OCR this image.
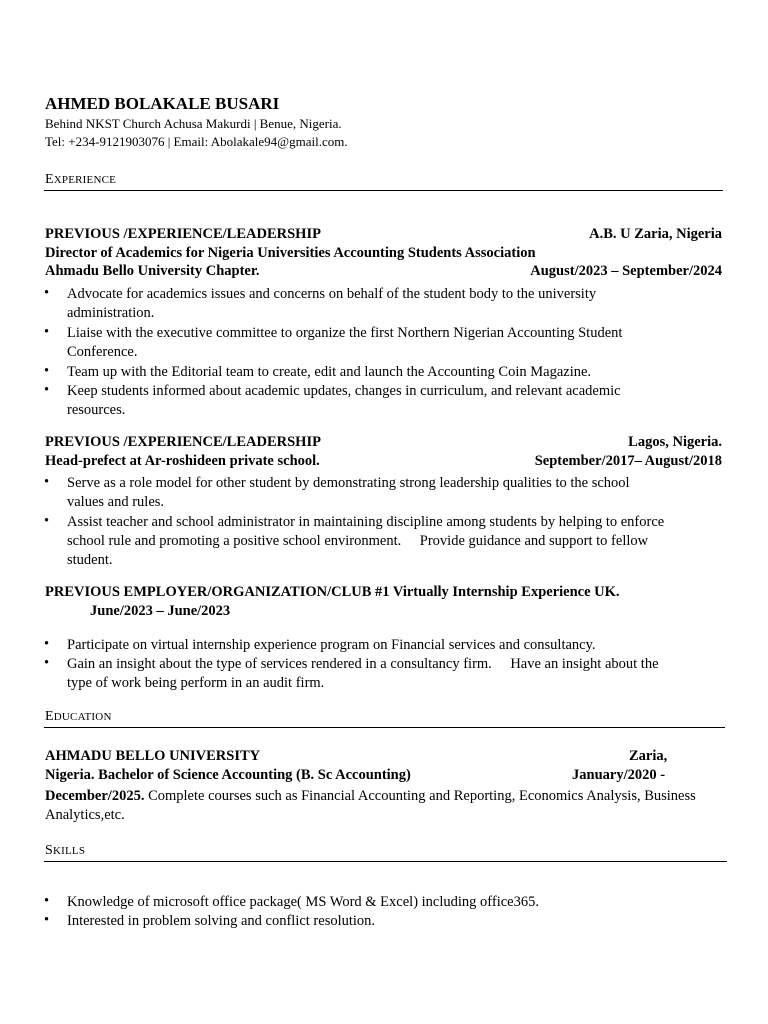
AHMED BOLAKALE BUSARI
Behind NKST Church Achusa Makurdi | Benue, Nigeria.
Tel: +234-9121903076 | Email: Abolakale94@gmail.com.
EXPERIENCE
PREVIOUS /EXPERIENCE/LEADERSHIP	A.B. U Zaria, Nigeria
Director of Academics for Nigeria Universities Accounting Students Association
Ahmadu Bello University Chapter.	August/2023 – September/2024
• Advocate for academics issues and concerns on behalf of the student body to the university administration.
• Liaise with the executive committee to organize the first Northern Nigerian Accounting Student Conference.
• Team up with the Editorial team to create, edit and launch the Accounting Coin Magazine.
• Keep students informed about academic updates, changes in curriculum, and relevant academic resources.
PREVIOUS /EXPERIENCE/LEADERSHIP	Lagos, Nigeria.
Head-prefect at Ar-roshideen private school.	September/2017– August/2018
• Serve as a role model for other student by demonstrating strong leadership qualities to the school values and rules.
• Assist teacher and school administrator in maintaining discipline among students by helping to enforce school rule and promoting a positive school environment. Provide guidance and support to fellow student.
PREVIOUS EMPLOYER/ORGANIZATION/CLUB #1 Virtually Internship Experience UK.
June/2023 – June/2023
• Participate on virtual internship experience program on Financial services and consultancy.
• Gain an insight about the type of services rendered in a consultancy firm. Have an insight about the type of work being perform in an audit firm.
EDUCATION
AHMADU BELLO UNIVERSITY	Zaria,
Nigeria. Bachelor of Science Accounting (B. Sc Accounting)	January/2020 -
December/2025. Complete courses such as Financial Accounting and Reporting, Economics Analysis, Business Analytics,etc.
SKILLS
• Knowledge of microsoft office package( MS Word & Excel) including office365.
• Interested in problem solving and conflict resolution.
